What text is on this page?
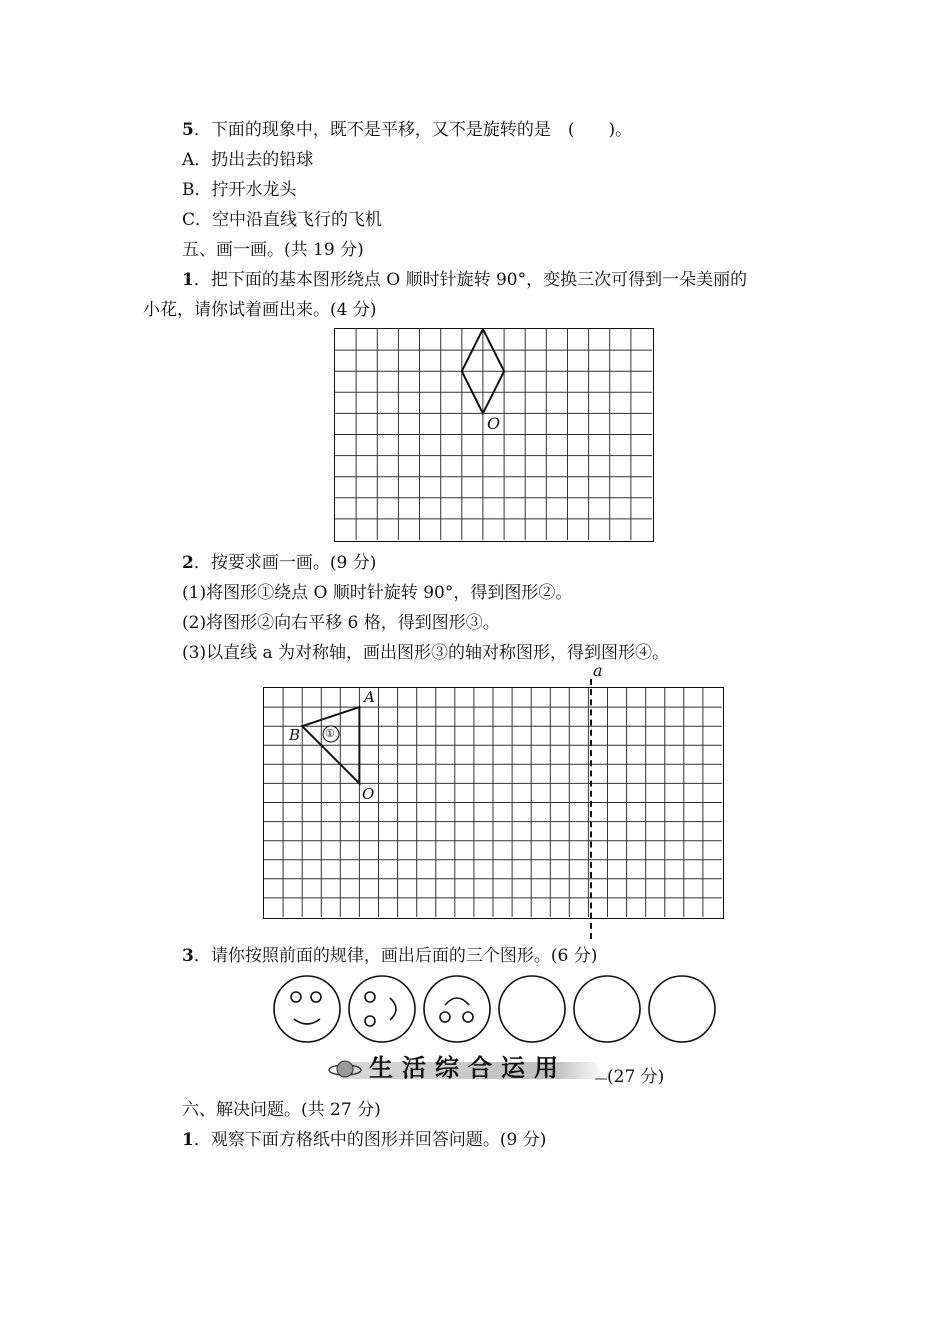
5．下面的现象中，既不是平移，又不是旋转的是　(　　)。
A．扔出去的铅球
B．拧开水龙头
C．空中沿直线飞行的飞机
五、画一画。(共 19 分)
1．把下面的基本图形绕点 O 顺时针旋转 90°，变换三次可得到一朵美丽的
小花，请你试着画出来。(4 分)
O
2．按要求画一画。(9 分)
(1)将图形①绕点 O 顺时针旋转 90°，得到图形②。
(2)将图形②向右平移 6 格，得到图形③。
(3)以直线 a 为对称轴，画出图形③的轴对称图形，得到图形④。
A
B ①
O
a
3．请你按照前面的规律，画出后面的三个图形。(6 分)
生活综合运用 (27 分)
六、解决问题。(共 27 分)
1．观察下面方格纸中的图形并回答问题。(9 分)
